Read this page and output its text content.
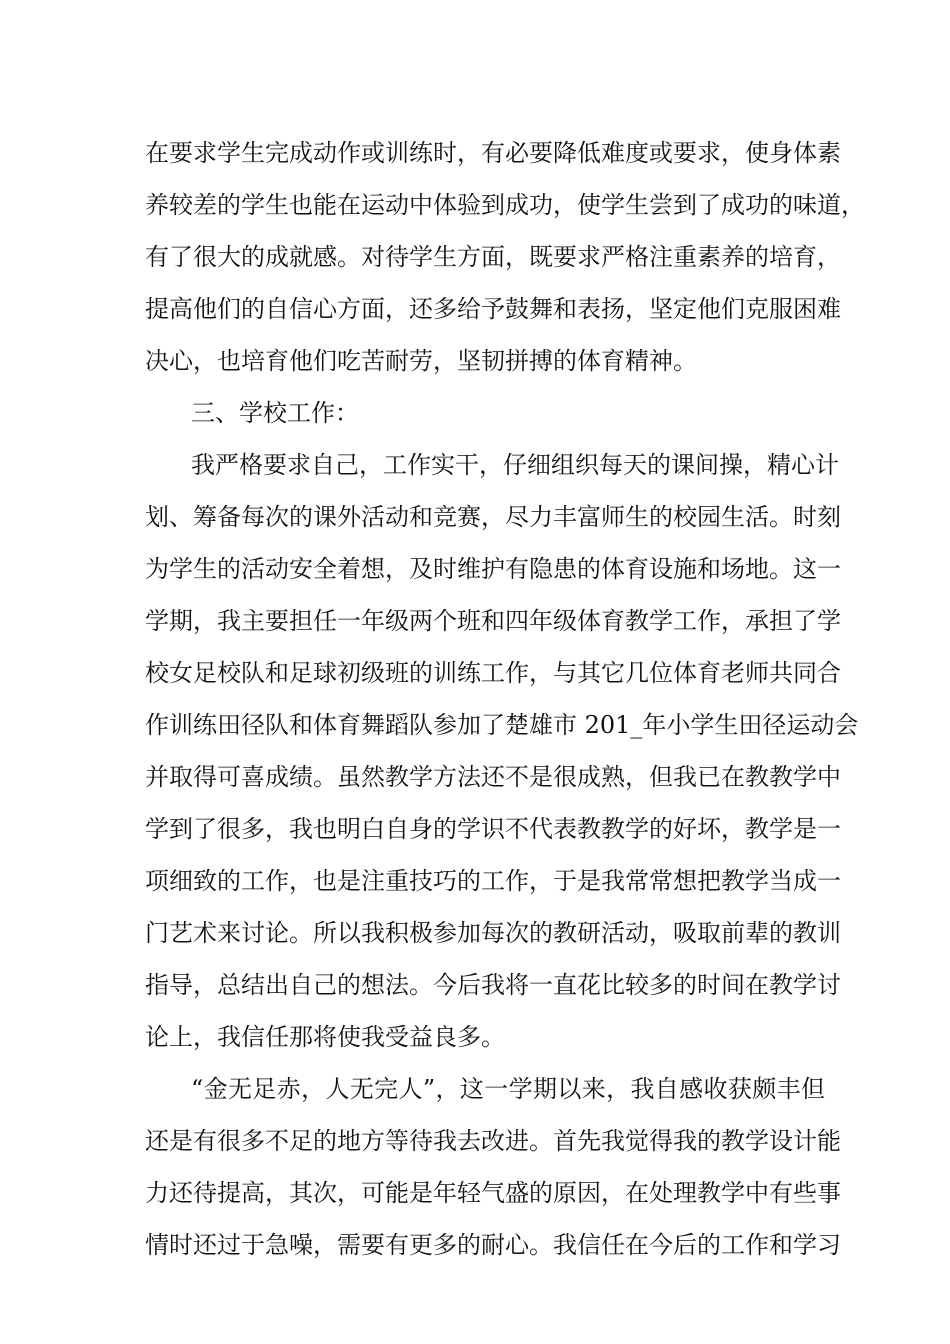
在要求学生完成动作或训练时，有必要降低难度或要求，使身体素
养较差的学生也能在运动中体验到成功，使学生尝到了成功的味道，
有了很大的成就感。对待学生方面，既要求严格注重素养的培育，
提高他们的自信心方面，还多给予鼓舞和表扬，坚定他们克服困难
决心，也培育他们吃苦耐劳，坚韧拼搏的体育精神。
三、学校工作：
我严格要求自己，工作实干，仔细组织每天的课间操，精心计
划、筹备每次的课外活动和竞赛，尽力丰富师生的校园生活。时刻
为学生的活动安全着想，及时维护有隐患的体育设施和场地。这一
学期，我主要担任一年级两个班和四年级体育教学工作，承担了学
校女足校队和足球初级班的训练工作，与其它几位体育老师共同合
作训练田径队和体育舞蹈队参加了楚雄市 201_年小学生田径运动会
并取得可喜成绩。虽然教学方法还不是很成熟，但我已在教教学中
学到了很多，我也明白自身的学识不代表教教学的好坏，教学是一
项细致的工作，也是注重技巧的工作，于是我常常想把教学当成一
门艺术来讨论。所以我积极参加每次的教研活动，吸取前辈的教训
指导，总结出自己的想法。今后我将一直花比较多的时间在教学讨
论上，我信任那将使我受益良多。
“金无足赤，人无完人”，这一学期以来，我自感收获颇丰但
还是有很多不足的地方等待我去改进。首先我觉得我的教学设计能
力还待提高，其次，可能是年轻气盛的原因，在处理教学中有些事
情时还过于急噪，需要有更多的耐心。我信任在今后的工作和学习
